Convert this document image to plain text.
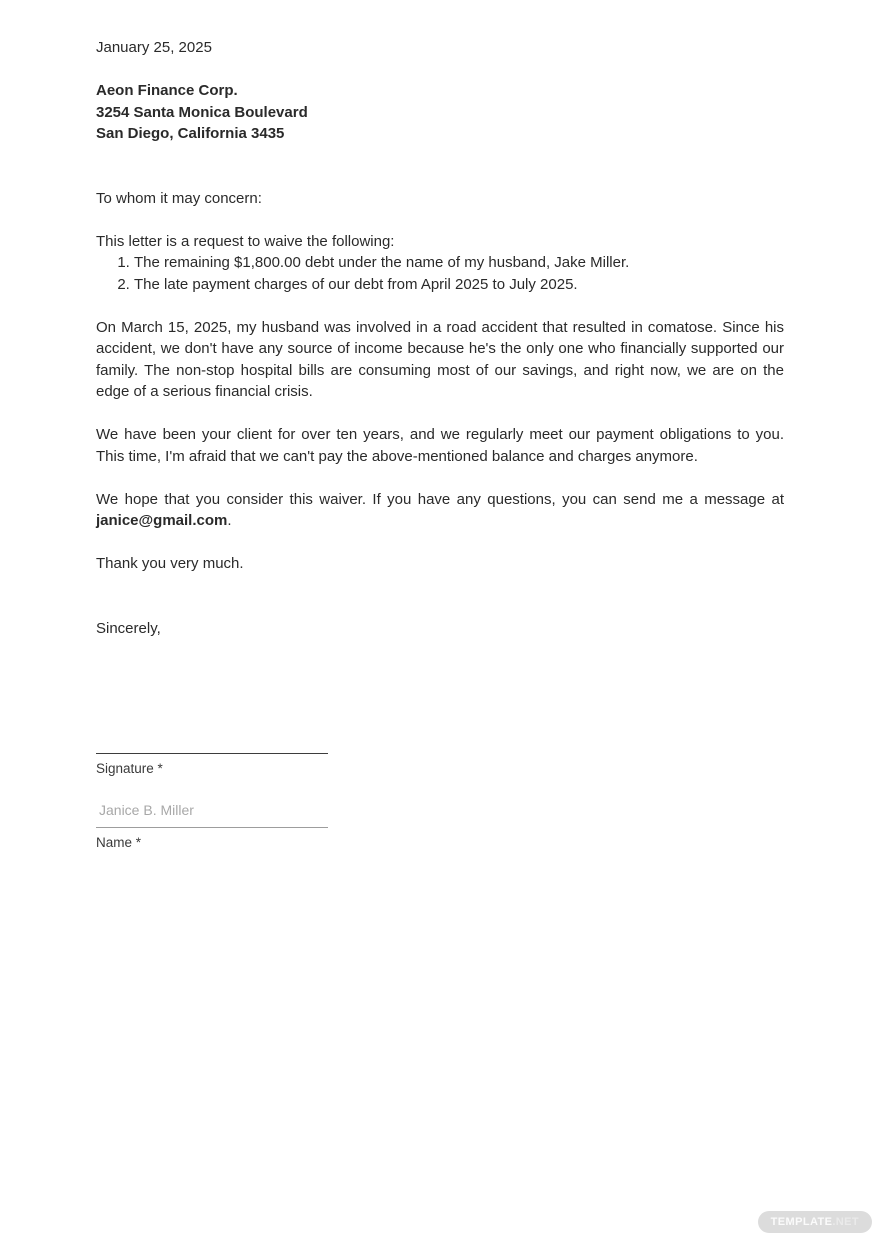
January 25, 2025

Aeon Finance Corp.

3254 Santa Monica Boulevard

San Diego, California 3435

To whom it may concern:

This letter is a request to waive the following:

1. The remaining $1,800.00 debt under the name of my husband, Jake Miller.
2. The late payment charges of our debt from April 2025 to July 2025.

On March 15, 2025, my husband was involved in a road accident that resulted in comatose. Since his accident, we don't have any source of income because he's the only one who financially supported our family. The non-stop hospital bills are consuming most of our savings, and right now, we are on the edge of a serious financial crisis.

We have been your client for over ten years, and we regularly meet our payment obligations to you. This time, I'm afraid that we can't pay the above-mentioned balance and charges anymore.

We hope that you consider this waiver. If you have any questions, you can send me a message at janice@gmail.com.

Thank you very much.

Sincerely,

Signature *
Janice B. Miller
Name *
TEMPLATE .NET
